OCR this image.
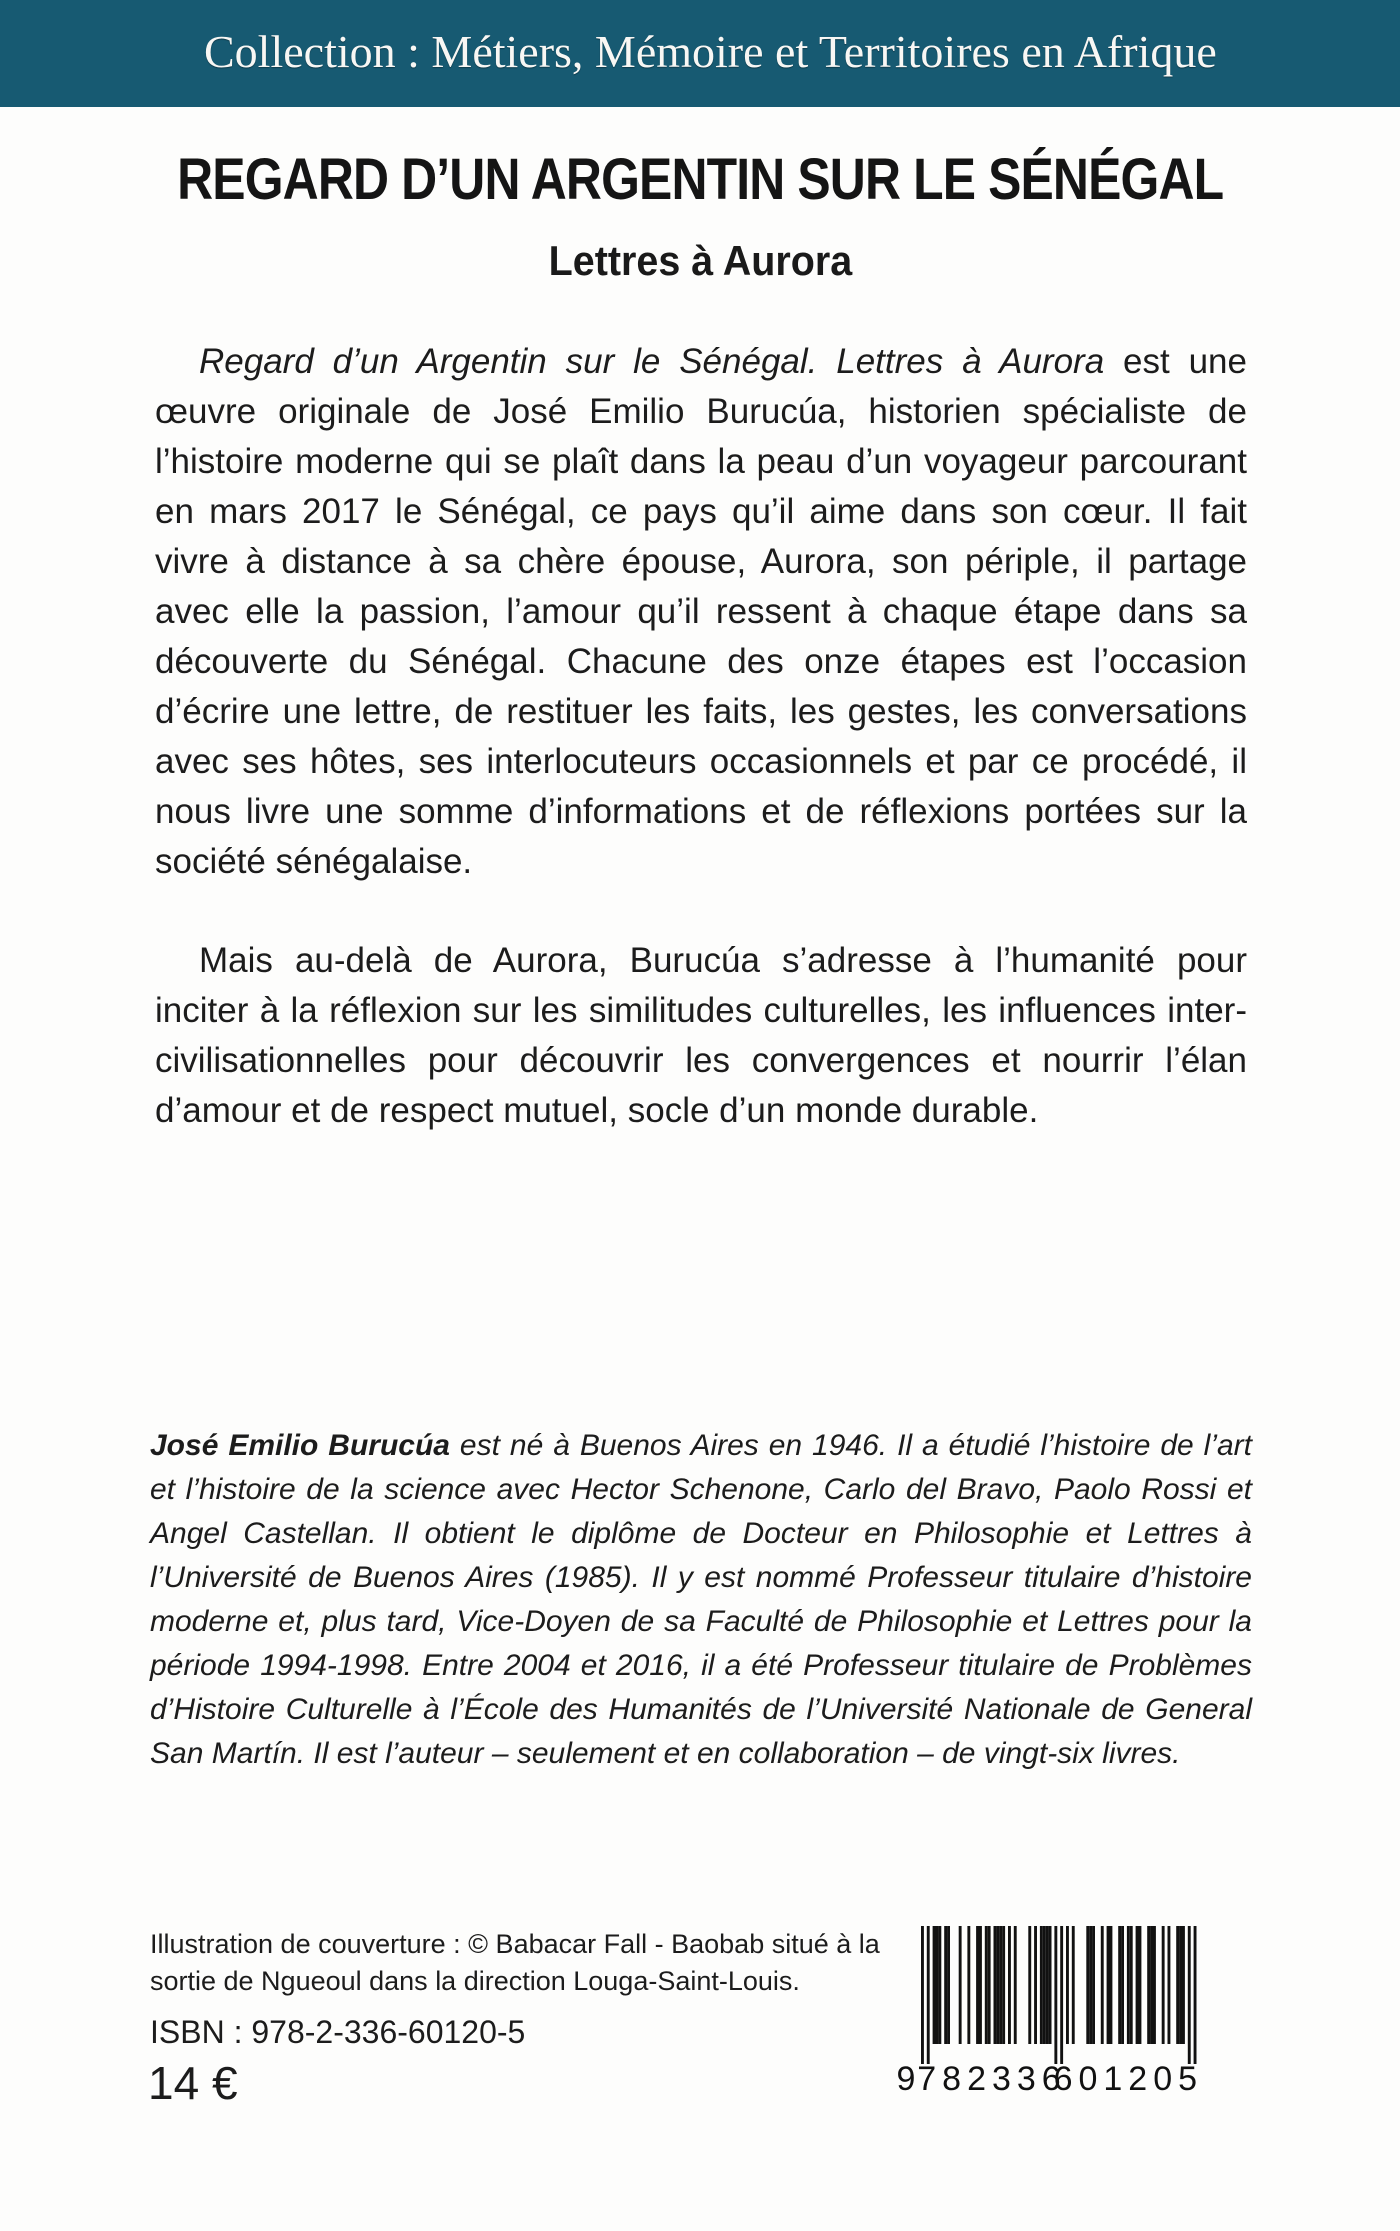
Collection : Métiers, Mémoire et Territoires en Afrique
REGARD D’UN ARGENTIN SUR LE SÉNÉGAL
Lettres à Aurora

Regard d’un Argentin sur le Sénégal. Lettres à Aurora est une œuvre originale de José Emilio Burucúa, historien spécialiste de l’histoire moderne qui se plaît dans la peau d’un voyageur parcourant en mars 2017 le Sénégal, ce pays qu’il aime dans son cœur. Il fait vivre à distance à sa chère épouse, Aurora, son périple, il partage avec elle la passion, l’amour qu’il ressent à chaque étape dans sa découverte du Sénégal. Chacune des onze étapes est l’occasion d’écrire une lettre, de restituer les faits, les gestes, les conversations avec ses hôtes, ses interlocuteurs occasionnels et par ce procédé, il nous livre une somme d’informations et de réflexions portées sur la société sénégalaise.

Mais au-delà de Aurora, Burucúa s’adresse à l’humanité pour inciter à la réflexion sur les similitudes culturelles, les influences inter-civilisationnelles pour découvrir les convergences et nourrir l’élan d’amour et de respect mutuel, socle d’un monde durable.

José Emilio Burucúa est né à Buenos Aires en 1946. Il a étudié l’histoire de l’art et l’histoire de la science avec Hector Schenone, Carlo del Bravo, Paolo Rossi et Angel Castellan. Il obtient le diplôme de Docteur en Philosophie et Lettres à l’Université de Buenos Aires (1985). Il y est nommé Professeur titulaire d’histoire moderne et, plus tard, Vice-Doyen de sa Faculté de Philosophie et Lettres pour la période 1994-1998. Entre 2004 et 2016, il a été Professeur titulaire de Problèmes d’Histoire Culturelle à l’École des Humanités de l’Université Nationale de General San Martín. Il est l’auteur – seulement et en collaboration – de vingt-six livres.
Illustration de couverture : © Babacar Fall - Baobab situé à la
sortie de Ngueoul dans la direction Louga-Saint-Louis.
ISBN : 978-2-336-60120-5
14 €	9 782336
601205
